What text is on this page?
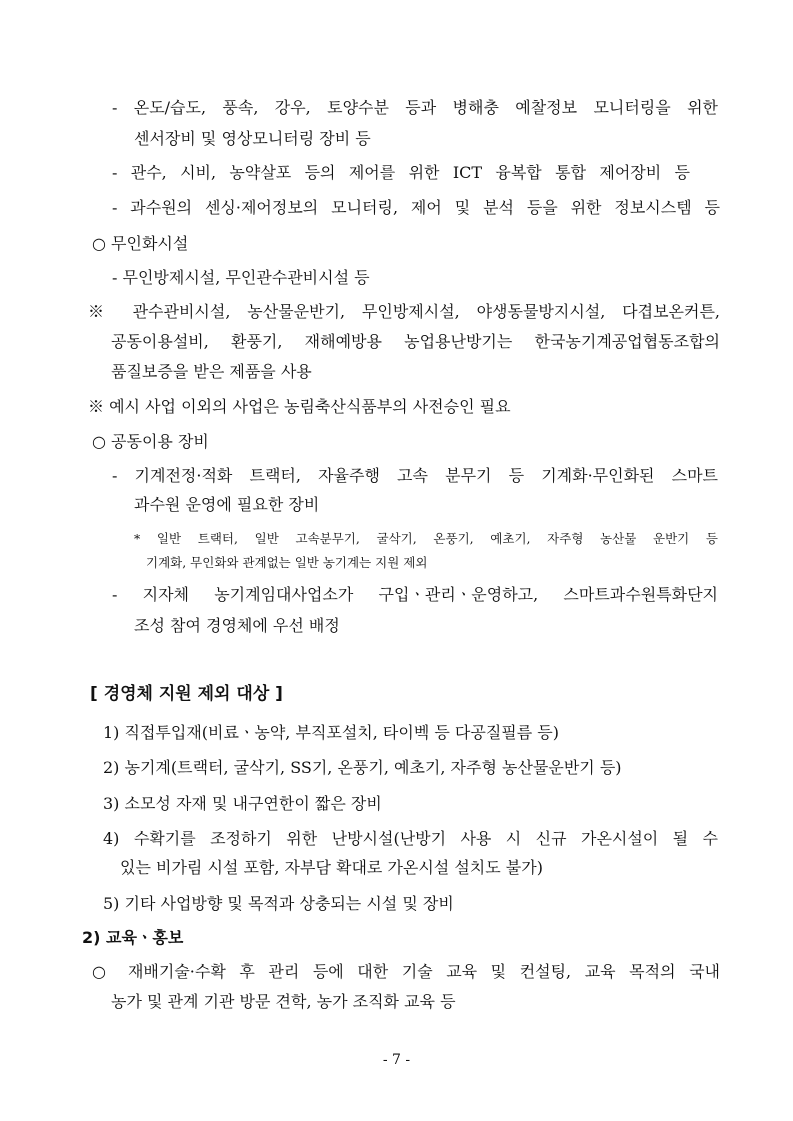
- 온도/습도, 풍속, 강우, 토양수분 등과 병해충 예찰정보 모니터링을 위한
센서장비 및 영상모니터링 장비 등
- 관수, 시비, 농약살포 등의 제어를 위한 ICT 융복합 통합 제어장비 등
- 과수원의 센싱·제어정보의 모니터링, 제어 및 분석 등을 위한 정보시스템 등
○ 무인화시설
- 무인방제시설, 무인관수관비시설 등
※ 관수관비시설, 농산물운반기, 무인방제시설, 야생동물방지시설, 다겹보온커튼,
공동이용설비, 환풍기, 재해예방용 농업용난방기는 한국농기계공업협동조합의
품질보증을 받은 제품을 사용
※ 예시 사업 이외의 사업은 농림축산식품부의 사전승인 필요
○ 공동이용 장비
- 기계전정·적화 트랙터, 자율주행 고속 분무기 등 기계화·무인화된 스마트
과수원 운영에 필요한 장비
* 일반 트랙터, 일반 고속분무기, 굴삭기, 온풍기, 예초기, 자주형 농산물 운반기 등
기계화, 무인화와 관계없는 일반 농기계는 지원 제외
- 지자체 농기계임대사업소가 구입ㆍ관리ㆍ운영하고, 스마트과수원특화단지
조성 참여 경영체에 우선 배정
[ 경영체 지원 제외 대상 ]
1) 직접투입재(비료ㆍ농약, 부직포설치, 타이벡 등 다공질필름 등)
2) 농기계(트랙터, 굴삭기, SS기, 온풍기, 예초기, 자주형 농산물운반기 등)
3) 소모성 자재 및 내구연한이 짧은 장비
4) 수확기를 조정하기 위한 난방시설(난방기 사용 시 신규 가온시설이 될 수
있는 비가림 시설 포함, 자부담 확대로 가온시설 설치도 불가)
5) 기타 사업방향 및 목적과 상충되는 시설 및 장비
2) 교육ㆍ홍보
○ 재배기술·수확 후 관리 등에 대한 기술 교육 및 컨설팅, 교육 목적의 국내
농가 및 관계 기관 방문 견학, 농가 조직화 교육 등
- 7 -
